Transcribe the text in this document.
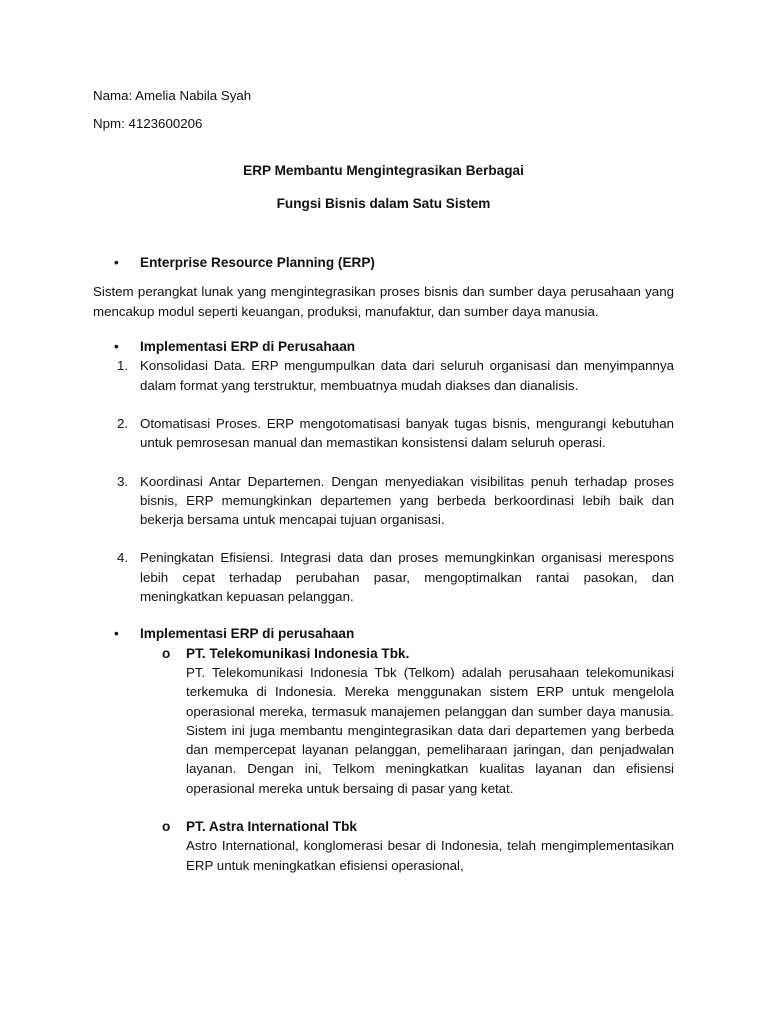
Nama: Amelia Nabila Syah

Npm: 4123600206

ERP Membantu Mengintegrasikan Berbagai

Fungsi Bisnis dalam Satu Sistem

• Enterprise Resource Planning (ERP)

Sistem perangkat lunak yang mengintegrasikan proses bisnis dan sumber daya perusahaan yang mencakup modul seperti keuangan, produksi, manufaktur, dan sumber daya manusia.

• Implementasi ERP di Perusahaan

1. Konsolidasi Data. ERP mengumpulkan data dari seluruh organisasi dan menyimpannya dalam format yang terstruktur, membuatnya mudah diakses dan dianalisis.
2. Otomatisasi Proses. ERP mengotomatisasi banyak tugas bisnis, mengurangi kebutuhan untuk pemrosesan manual dan memastikan konsistensi dalam seluruh operasi.
3. Koordinasi Antar Departemen. Dengan menyediakan visibilitas penuh terhadap proses bisnis, ERP memungkinkan departemen yang berbeda berkoordinasi lebih baik dan bekerja bersama untuk mencapai tujuan organisasi.
4. Peningkatan Efisiensi. Integrasi data dan proses memungkinkan organisasi merespons lebih cepat terhadap perubahan pasar, mengoptimalkan rantai pasokan, dan meningkatkan kepuasan pelanggan.

• Implementasi ERP di perusahaan

o PT. Telekomunikasi Indonesia Tbk.

PT. Telekomunikasi Indonesia Tbk (Telkom) adalah perusahaan telekomunikasi terkemuka di Indonesia. Mereka menggunakan sistem ERP untuk mengelola operasional mereka, termasuk manajemen pelanggan dan sumber daya manusia. Sistem ini juga membantu mengintegrasikan data dari departemen yang berbeda dan mempercepat layanan pelanggan, pemeliharaan jaringan, dan penjadwalan layanan. Dengan ini, Telkom meningkatkan kualitas layanan dan efisiensi operasional mereka untuk bersaing di pasar yang ketat.

o PT. Astra International Tbk

Astro International, konglomerasi besar di Indonesia, telah mengimplementasikan ERP untuk meningkatkan efisiensi operasional,
